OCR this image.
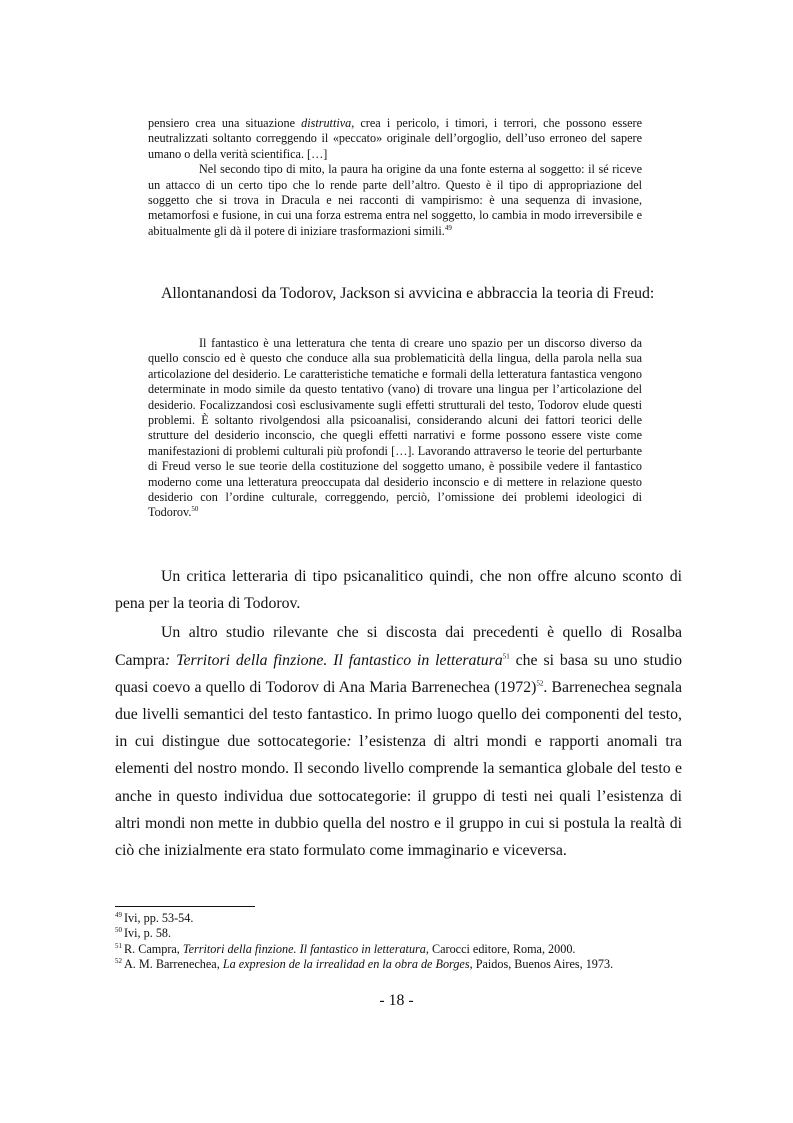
pensiero crea una situazione distruttiva, crea i pericolo, i timori, i terrori, che possono essere neutralizzati soltanto correggendo il «peccato» originale dell’orgoglio, dell’uso erroneo del sapere umano o della verità scientifica. […]

Nel secondo tipo di mito, la paura ha origine da una fonte esterna al soggetto: il sé riceve un attacco di un certo tipo che lo rende parte dell’altro. Questo è il tipo di appropriazione del soggetto che si trova in Dracula e nei racconti di vampirismo: è una sequenza di invasione, metamorfosi e fusione, in cui una forza estrema entra nel soggetto, lo cambia in modo irreversibile e abitualmente gli dà il potere di iniziare trasformazioni simili.$^{49}$

Allontanandosi da Todorov, Jackson si avvicina e abbraccia la teoria di Freud:

Il fantastico è una letteratura che tenta di creare uno spazio per un discorso diverso da quello conscio ed è questo che conduce alla sua problematicità della lingua, della parola nella sua articolazione del desiderio. Le caratteristiche tematiche e formali della letteratura fantastica vengono determinate in modo simile da questo tentativo (vano) di trovare una lingua per l’articolazione del desiderio. Focalizzandosi così esclusivamente sugli effetti strutturali del testo, Todorov elude questi problemi. È soltanto rivolgendosi alla psicoanalisi, considerando alcuni dei fattori teorici delle strutture del desiderio inconscio, che quegli effetti narrativi e forme possono essere viste come manifestazioni di problemi culturali più profondi […]. Lavorando attraverso le teorie del perturbante di Freud verso le sue teorie della costituzione del soggetto umano, è possibile vedere il fantastico moderno come una letteratura preoccupata dal desiderio inconscio e di mettere in relazione questo desiderio con l’ordine culturale, correggendo, perciò, l’omissione dei problemi ideologici di Todorov.$^{50}$

Un critica letteraria di tipo psicanalitico quindi, che non offre alcuno sconto di pena per la teoria di Todorov.

Un altro studio rilevante che si discosta dai precedenti è quello di Rosalba Campra: Territori della finzione. Il fantastico in letteratura$^{51}$ che si basa su uno studio quasi coevo a quello di Todorov di Ana Maria Barrenechea $(1972)^{52}$. Barrenechea segnala due livelli semantici del testo fantastico. In primo luogo quello dei componenti del testo, in cui distingue due sottocategorie: l’esistenza di altri mondi e rapporti anomali tra elementi del nostro mondo. Il secondo livello comprende la semantica globale del testo e anche in questo individua due sottocategorie: il gruppo di testi nei quali l’esistenza di altri mondi non mette in dubbio quella del nostro e il gruppo in cui si postula la realtà di ciò che inizialmente era stato formulato come immaginario e viceversa.

$^{49}$ Ivi, pp. 53-54.
$^{50}$ Ivi, p. 58.
$^{51}$ R. Campra, Territori della finzione. Il fantastico in letteratura, Carocci editore, Roma, 2000.
$^{52}$ A. M. Barrenechea, La expresion de la irrealidad en la obra de Borges, Paidos, Buenos Aires, 1973.
- 18 -
